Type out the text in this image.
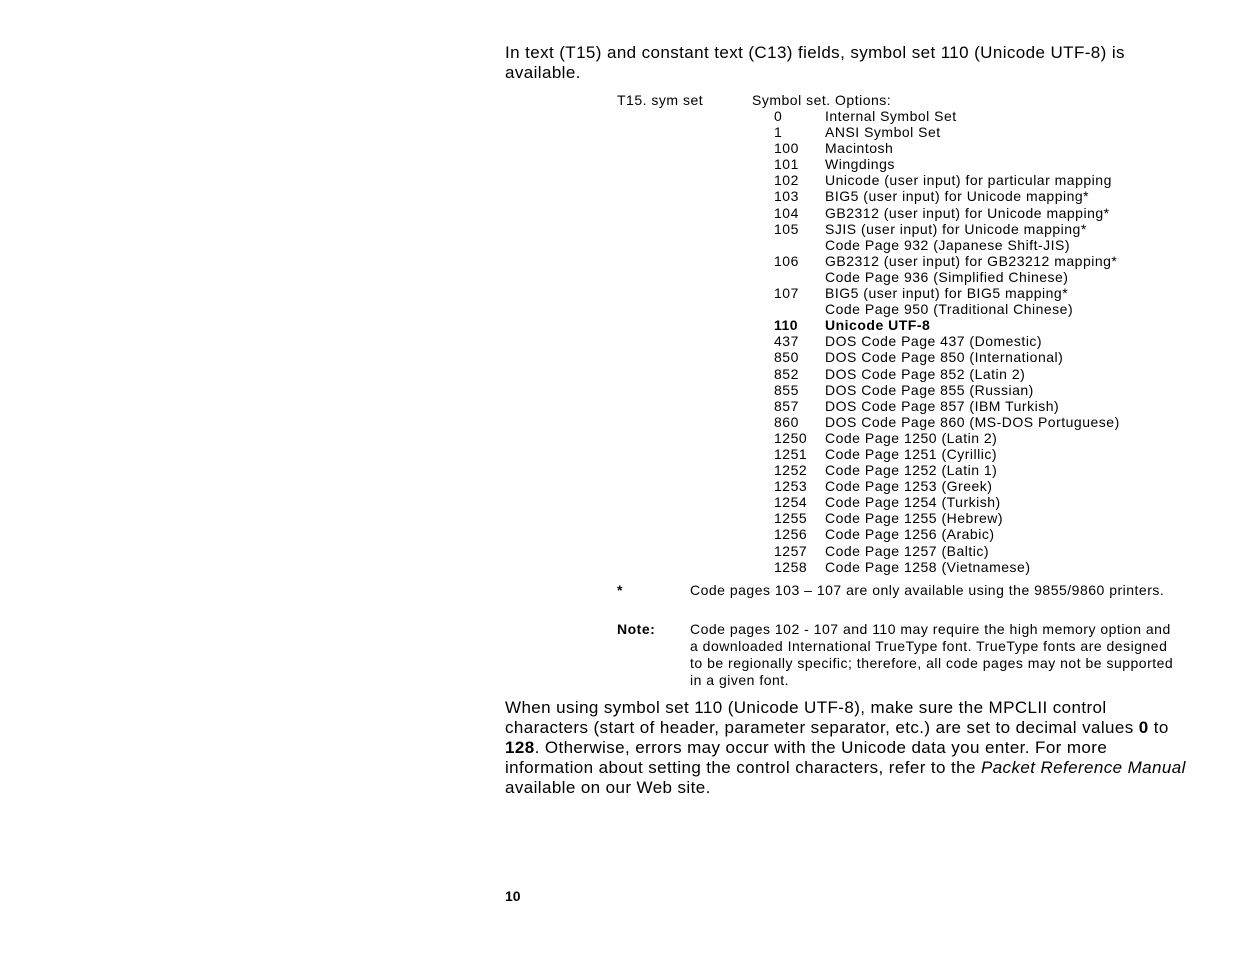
In text (T15) and constant text (C13) fields, symbol set 110 (Unicode UTF-8) is available.

T15. sym set	Symbol set. Options:
0	Internal Symbol Set
1	ANSI Symbol Set
100	Macintosh
101	Wingdings
102	Unicode (user input) for particular mapping
103	BIG5 (user input) for Unicode mapping*
104	GB2312 (user input) for Unicode mapping*
105	SJIS (user input) for Unicode mapping*
Code Page 932 (Japanese Shift-JIS)
106	GB2312 (user input) for GB23212 mapping*
Code Page 936 (Simplified Chinese)
107	BIG5 (user input) for BIG5 mapping*
Code Page 950 (Traditional Chinese)
110	Unicode UTF-8
437	DOS Code Page 437 (Domestic)
850	DOS Code Page 850 (International)
852	DOS Code Page 852 (Latin 2)
855	DOS Code Page 855 (Russian)
857	DOS Code Page 857 (IBM Turkish)
860	DOS Code Page 860 (MS-DOS Portuguese)
1250	Code Page 1250 (Latin 2)
1251	Code Page 1251 (Cyrillic)
1252	Code Page 1252 (Latin 1)
1253	Code Page 1253 (Greek)
1254	Code Page 1254 (Turkish)
1255	Code Page 1255 (Hebrew)
1256	Code Page 1256 (Arabic)
1257	Code Page 1257 (Baltic)
1258	Code Page 1258 (Vietnamese)
*	Code pages 103 – 107 are only available using the 9855/9860 printers.
Note:	Code pages 102 - 107 and 110 may require the high memory option and a downloaded International TrueType font. TrueType fonts are designed to be regionally specific; therefore, all code pages may not be supported in a given font.

When using symbol set 110 (Unicode UTF-8), make sure the MPCLII control characters (start of header, parameter separator, etc.) are set to decimal values 0 to 128. Otherwise, errors may occur with the Unicode data you enter. For more information about setting the control characters, refer to the Packet Reference Manual available on our Web site.

10
